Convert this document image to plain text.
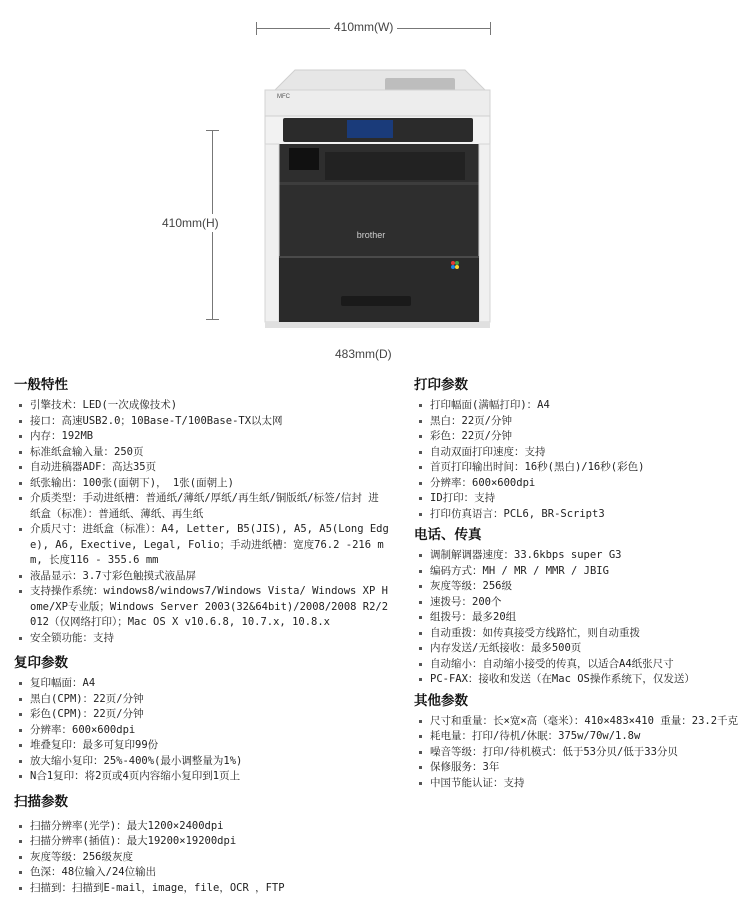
410mm(W)
410mm(H)
483mm(D)
brother
MFC
一般特性
引擎技术：LED(一次成像技术)
接口：高速USB2.0；10Base-T/100Base-TX以太网
内存：192MB
标准纸盒输入量：250页
自动进稿器ADF：高达35页
纸张输出：100张(面朝下)， 1张(面朝上)
介质类型：手动进纸槽：普通纸/薄纸/厚纸/再生纸/铜版纸/标签/信封 进纸盒（标准）：普通纸、薄纸、再生纸
介质尺寸：进纸盒（标准）：A4, Letter, B5(JIS), A5, A5(Long Edge), A6, Exective, Legal, Folio；手动进纸槽：宽度76.2 -216 mm, 长度116 - 355.6 mm
液晶显示：3.7寸彩色触摸式液晶屏
支持操作系统：windows8/windows7/Windows Vista/ Windows XP Home/XP专业版；Windows Server 2003(32&64bit)/2008/2008 R2/2012（仅网络打印）；Mac OS X v10.6.8, 10.7.x, 10.8.x
安全锁功能：支持
复印参数
复印幅面：A4
黑白(CPM)：22页/分钟
彩色(CPM)：22页/分钟
分辨率：600×600dpi
堆叠复印：最多可复印99份
放大缩小复印：25%-400%(最小调整量为1%)
N合1复印：将2页或4页内容缩小复印到1页上
扫描参数
扫描分辨率(光学)：最大1200×2400dpi
扫描分辨率(插值)：最大19200×19200dpi
灰度等级：256级灰度
色深：48位输入/24位输出
扫描到：扫描到E-mail，image，file，OCR ，FTP
打印参数
打印幅面(满幅打印)：A4
黑白：22页/分钟
彩色：22页/分钟
自动双面打印速度：支持
首页打印输出时间：16秒(黑白)/16秒(彩色)
分辨率：600×600dpi
ID打印：支持
打印仿真语言：PCL6, BR-Script3
电话、传真
调制解调器速度：33.6kbps super G3
编码方式：MH / MR / MMR / JBIG
灰度等级：256级
速拨号：200个
组拨号：最多20组
自动重拨：如传真接受方线路忙，则自动重拨
内存发送/无纸接收：最多500页
自动缩小：自动缩小接受的传真，以适合A4纸张尺寸
PC-FAX：接收和发送（在Mac OS操作系统下，仅发送）
其他参数
尺寸和重量：长×宽×高（毫米）：410×483×410 重量：23.2千克
耗电量：打印/待机/休眠：375w/70w/1.8w
噪音等级：打印/待机模式：低于53分贝/低于33分贝
保修服务：3年
中国节能认证：支持
